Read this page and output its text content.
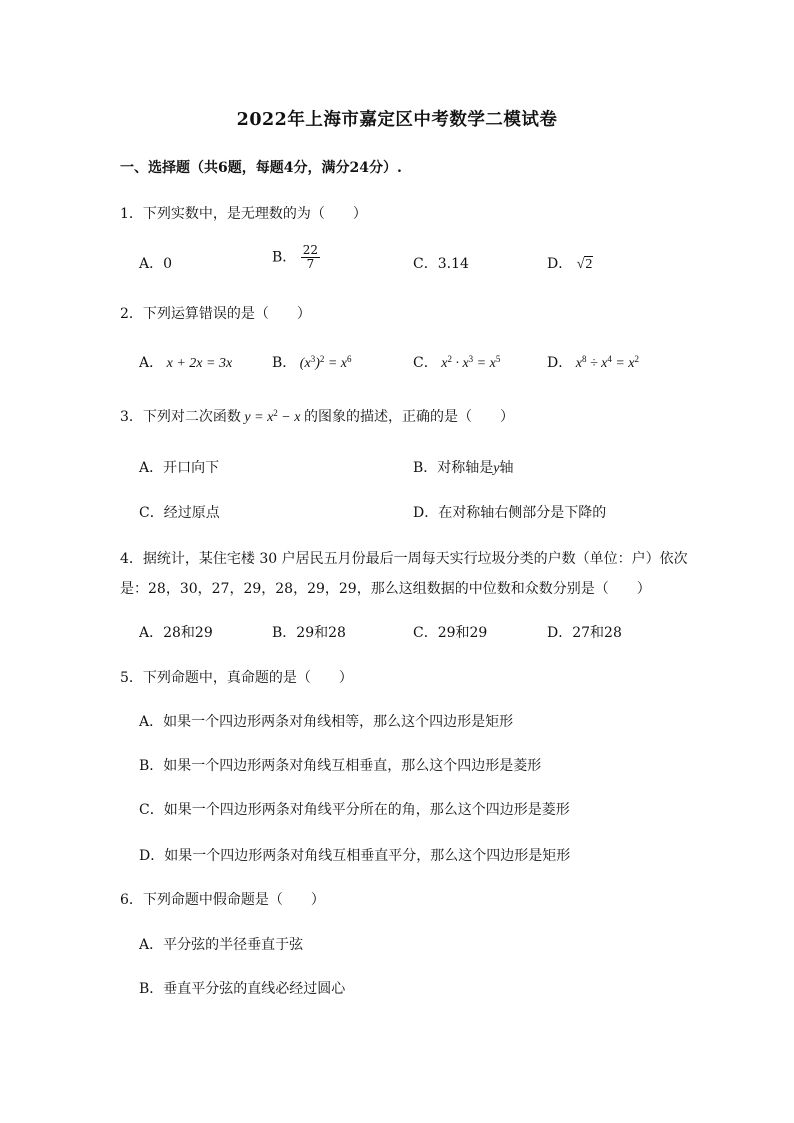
2022年上海市嘉定区中考数学二模试卷
一、选择题（共6题，每题4分，满分24分）.
1．下列实数中，是无理数的为（　　）
A．0	B． $\frac{22}{7}$	C．3.14	D． √2
2．下列运算错误的是（　　）
A． x + 2x = 3x	B． $(x^3)^2 = x^6$	C． $x^2 \cdot x^3 = x^5$	D． $x^8 \div x^4 = x^2$
3．下列对二次函数 $y = x^2 - x$ 的图象的描述，正确的是（　　）
A．开口向下	B．对称轴是y轴
C．经过原点	D．在对称轴右侧部分是下降的
4．据统计，某住宅楼 30 户居民五月份最后一周每天实行垃圾分类的户数（单位：户）依次
是：28，30，27，29，28，29，29，那么这组数据的中位数和众数分别是（　　）
A．28和29	B．29和28	C．29和29	D．27和28
5．下列命题中，真命题的是（　　）
A．如果一个四边形两条对角线相等，那么这个四边形是矩形
B．如果一个四边形两条对角线互相垂直，那么这个四边形是菱形
C．如果一个四边形两条对角线平分所在的角，那么这个四边形是菱形
D．如果一个四边形两条对角线互相垂直平分，那么这个四边形是矩形
6．下列命题中假命题是（　　）
A．平分弦的半径垂直于弦
B．垂直平分弦的直线必经过圆心
